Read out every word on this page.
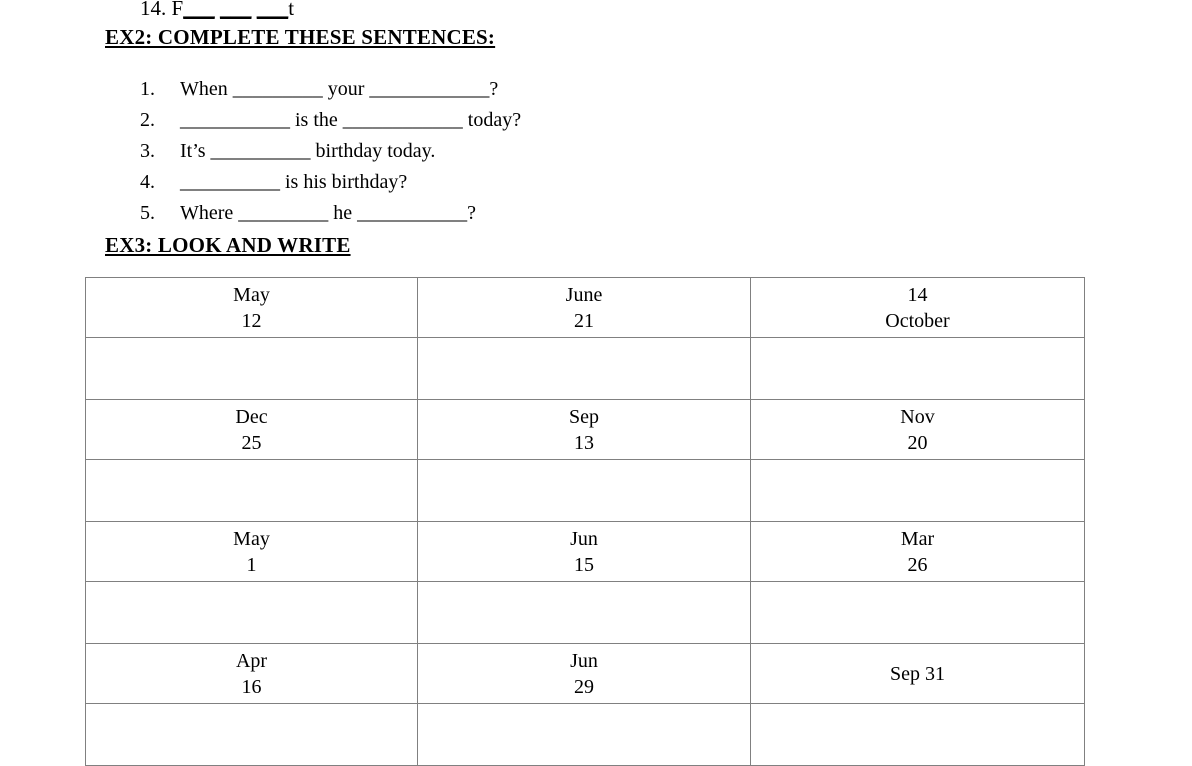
14. F___ ___ ___t
EX2: COMPLETE THESE SENTENCES:
1. When _________ your ____________?
2. ___________ is the ____________ today?
3. It’s __________ birthday today.
4. __________ is his birthday?
5. Where _________ he ___________?
EX3: LOOK AND WRITE
May
12	June
21	14
October

Dec
25	Sep
13	Nov
20

May
1	Jun
15	Mar
26

Apr
16	Jun
29	Sep 31
